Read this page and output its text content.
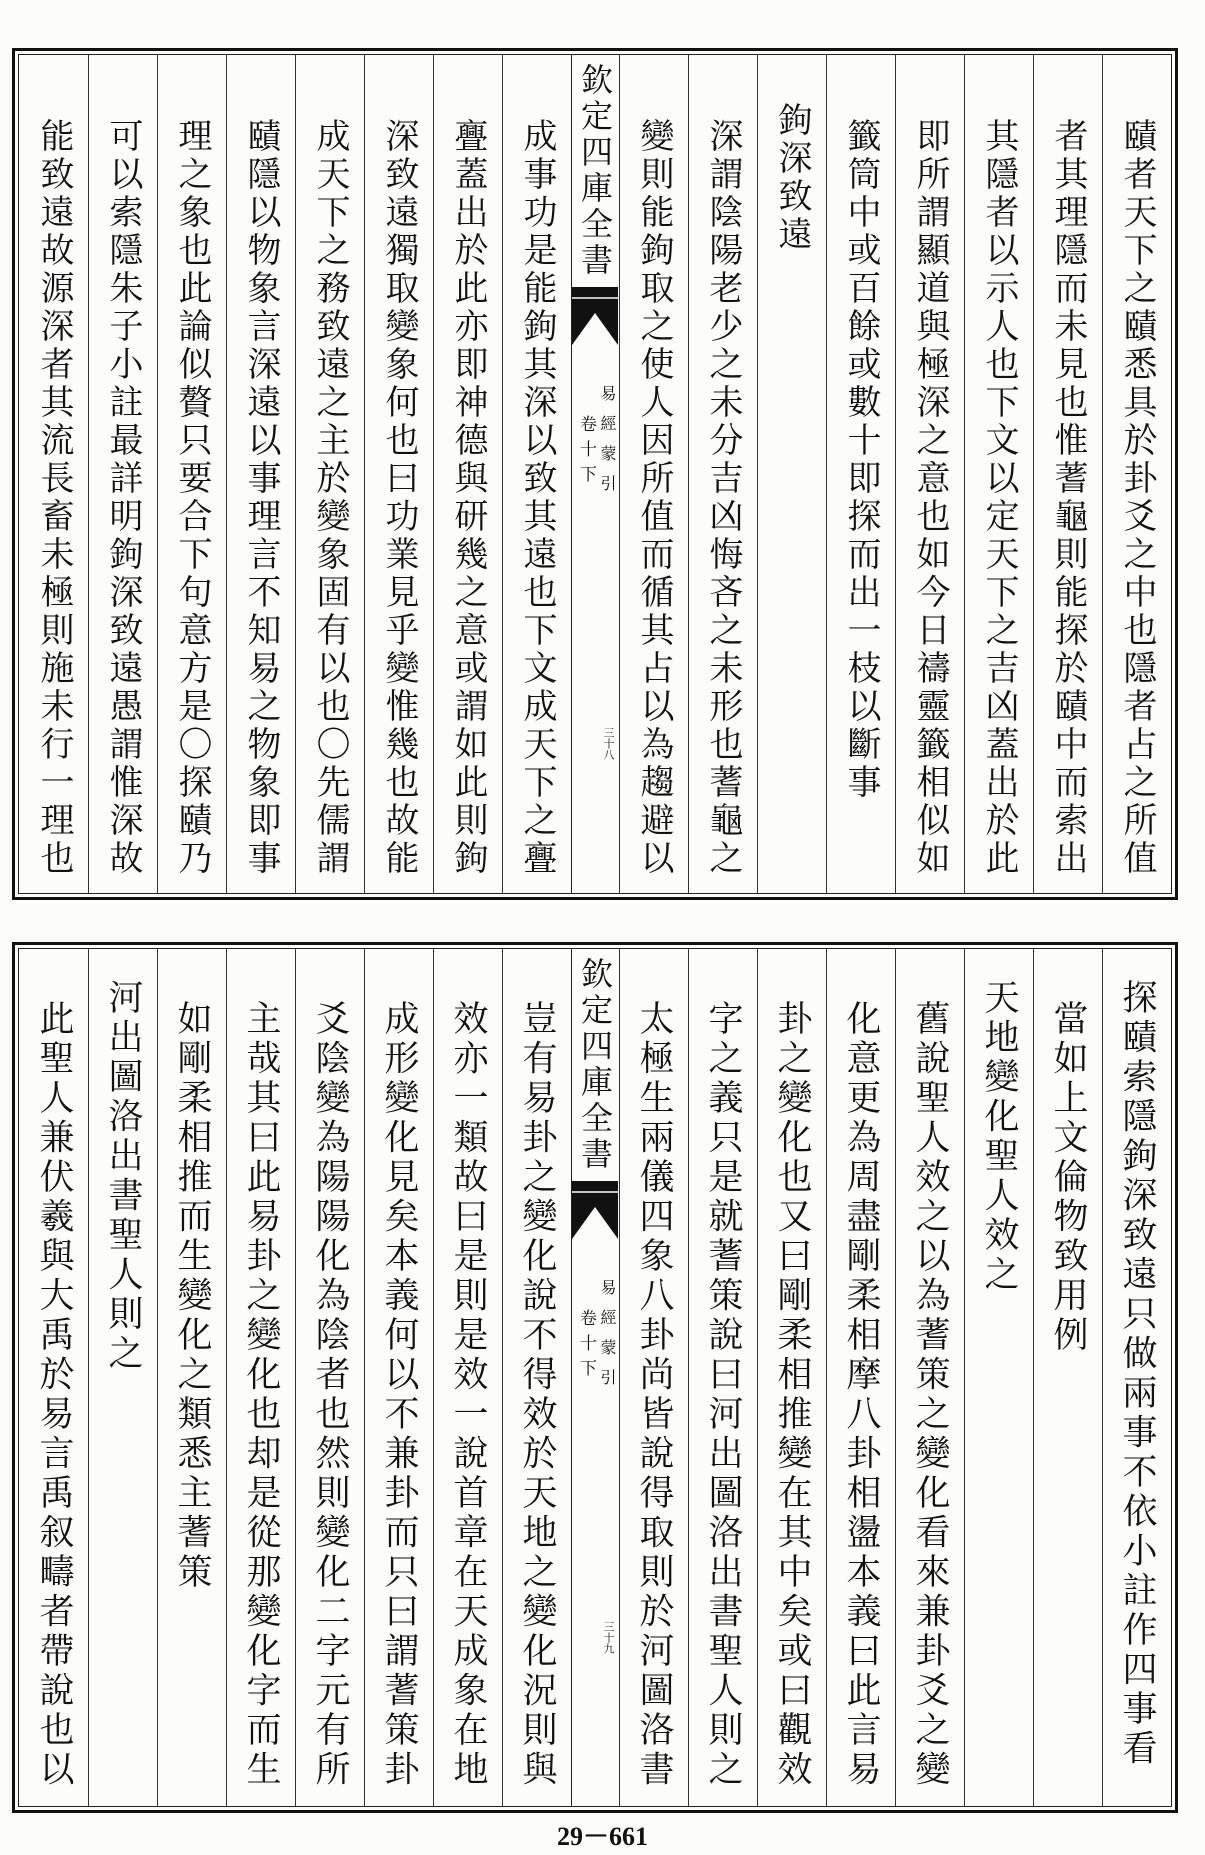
賾者天下之賾悉具於卦爻之中也隱者占之所值
者其理隱而未見也惟蓍龜則能探於賾中而索出
其隱者以示人也下文以定天下之吉凶蓋出於此
即所謂顯道與極深之意也如今日禱靈籤相似如
籤筒中或百餘或數十即探而出一枝以斷事
鉤深致遠
深謂陰陽老少之未分吉凶悔吝之未形也蓍龜之
變則能鉤取之使人因所值而循其占以為趨避以
欽定四庫全書
易經蒙引
卷十下
三十八
成事功是能鉤其深以致其遠也下文成天下之亹
亹蓋出於此亦即神德與研幾之意或謂如此則鉤
深致遠獨取變象何也曰功業見乎變惟幾也故能
成天下之務致遠之主於變象固有以也〇先儒謂
賾隱以物象言深遠以事理言不知易之物象即事
理之象也此論似贅只要合下句意方是〇探賾乃
可以索隱朱子小註最詳明鉤深致遠愚謂惟深故
能致遠故源深者其流長畜未極則施未行一理也
探賾索隱鉤深致遠只做兩事不依小註作四事看
當如上文倫物致用例
天地變化聖人效之
舊說聖人效之以為蓍策之變化看來兼卦爻之變
化意更為周盡剛柔相摩八卦相盪本義曰此言易
卦之變化也又曰剛柔相推變在其中矣或曰觀效
字之義只是就蓍策說曰河出圖洛出書聖人則之
太極生兩儀四象八卦尚皆說得取則於河圖洛書
欽定四庫全書
易經蒙引
卷十下
三十九
豈有易卦之變化說不得效於天地之變化況則與
效亦一類故曰是則是效一說首章在天成象在地
成形變化見矣本義何以不兼卦而只曰謂蓍策卦
爻陰變為陽陽化為陰者也然則變化二字元有所
主哉其曰此易卦之變化也却是從那變化字而生
如剛柔相推而生變化之類悉主蓍策
河出圖洛出書聖人則之
此聖人兼伏羲與大禹於易言禹叙疇者帶說也以
29－661
